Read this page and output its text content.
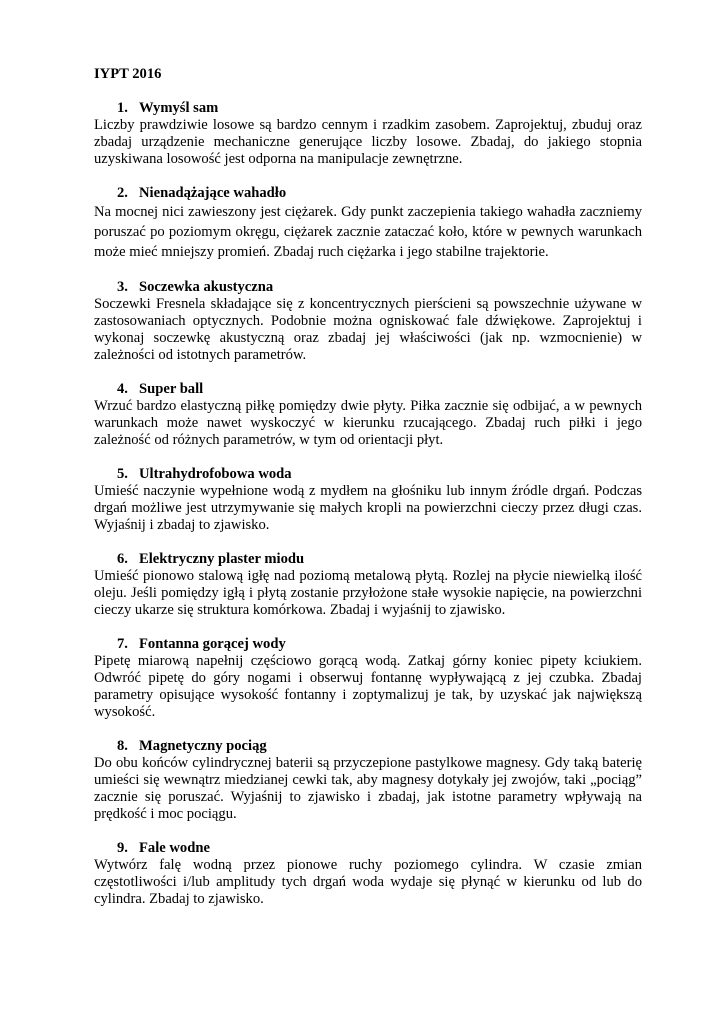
IYPT 2016
1. Wymyśl sam

Liczby prawdziwie losowe są bardzo cennym i rzadkim zasobem. Zaprojektuj, zbuduj oraz zbadaj urządzenie mechaniczne generujące liczby losowe. Zbadaj, do jakiego stopnia uzyskiwana losowość jest odporna na manipulacje zewnętrzne.

2. Nienadążające wahadło

Na mocnej nici zawieszony jest ciężarek. Gdy punkt zaczepienia takiego wahadła zaczniemy poruszać po poziomym okręgu, ciężarek zacznie zataczać koło, które w pewnych warunkach może mieć mniejszy promień. Zbadaj ruch ciężarka i jego stabilne trajektorie.

3. Soczewka akustyczna

Soczewki Fresnela składające się z koncentrycznych pierścieni są powszechnie używane w zastosowaniach optycznych. Podobnie można ogniskować fale dźwiękowe. Zaprojektuj i wykonaj soczewkę akustyczną oraz zbadaj jej właściwości (jak np. wzmocnienie) w zależności od istotnych parametrów.

4. Super ball

Wrzuć bardzo elastyczną piłkę pomiędzy dwie płyty. Piłka zacznie się odbijać, a w pewnych warunkach może nawet wyskoczyć w kierunku rzucającego. Zbadaj ruch piłki i jego zależność od różnych parametrów, w tym od orientacji płyt.

5. Ultrahydrofobowa woda

Umieść naczynie wypełnione wodą z mydłem na głośniku lub innym źródle drgań. Podczas drgań możliwe jest utrzymywanie się małych kropli na powierzchni cieczy przez długi czas. Wyjaśnij i zbadaj to zjawisko.

6. Elektryczny plaster miodu

Umieść pionowo stalową igłę nad poziomą metalową płytą. Rozlej na płycie niewielką ilość oleju. Jeśli pomiędzy igłą i płytą zostanie przyłożone stałe wysokie napięcie, na powierzchni cieczy ukarze się struktura komórkowa. Zbadaj i wyjaśnij to zjawisko.

7. Fontanna gorącej wody

Pipetę miarową napełnij częściowo gorącą wodą. Zatkaj górny koniec pipety kciukiem. Odwróć pipetę do góry nogami i obserwuj fontannę wypływającą z jej czubka. Zbadaj parametry opisujące wysokość fontanny i zoptymalizuj je tak, by uzyskać jak największą wysokość.

8. Magnetyczny pociąg

Do obu końców cylindrycznej baterii są przyczepione pastylkowe magnesy. Gdy taką baterię umieści się wewnątrz miedzianej cewki tak, aby magnesy dotykały jej zwojów, taki „pociąg” zacznie się poruszać. Wyjaśnij to zjawisko i zbadaj, jak istotne parametry wpływają na prędkość i moc pociągu.

9. Fale wodne

Wytwórz falę wodną przez pionowe ruchy poziomego cylindra. W czasie zmian częstotliwości i/lub amplitudy tych drgań woda wydaje się płynąć w kierunku od lub do cylindra. Zbadaj to zjawisko.
